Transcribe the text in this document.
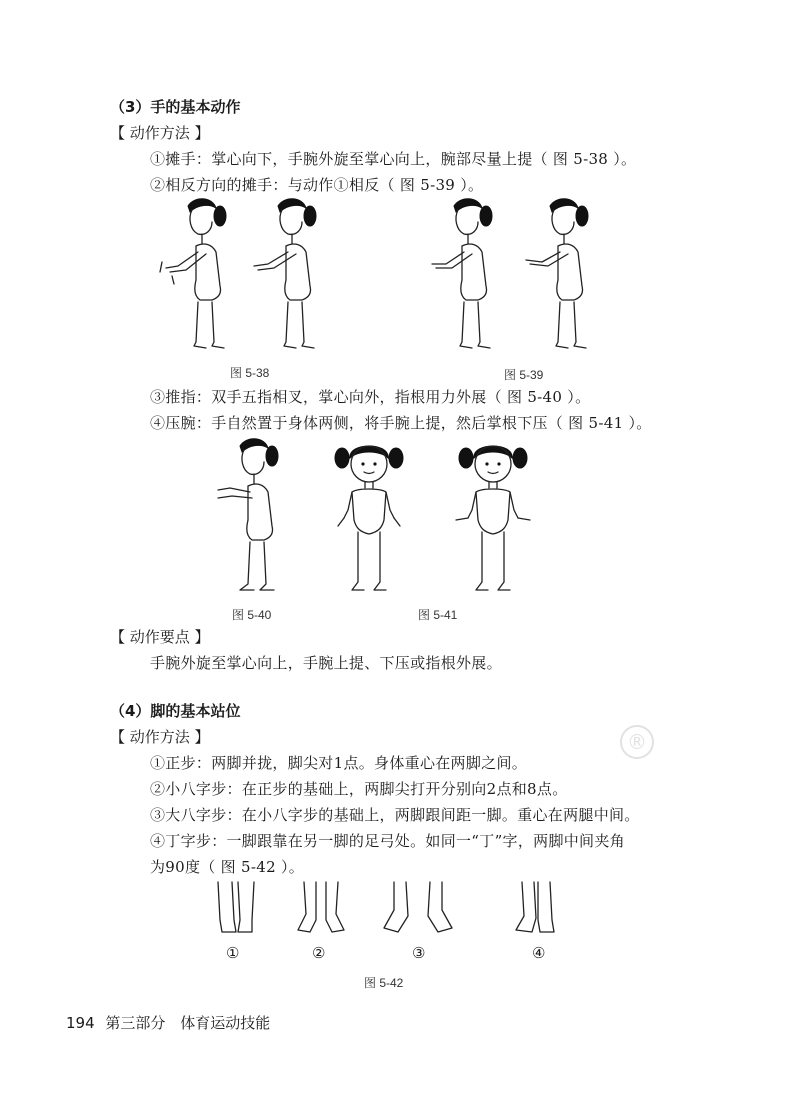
（3）手的基本动作
【 动作方法 】
①摊手：掌心向下，手腕外旋至掌心向上，腕部尽量上提（ 图 5-38 ）。
②相反方向的摊手：与动作①相反（ 图 5-39 ）。
图 5-38	图 5-39
③推指：双手五指相叉，掌心向外，指根用力外展（ 图 5-40 ）。
④压腕：手自然置于身体两侧，将手腕上提，然后掌根下压（ 图 5-41 ）。
图 5-40	图 5-41
【 动作要点 】
手腕外旋至掌心向上，手腕上提、下压或指根外展。
®
（4）脚的基本站位
【 动作方法 】
①正步：两脚并拢，脚尖对1点。身体重心在两脚之间。
②小八字步：在正步的基础上，两脚尖打开分别向2点和8点。
③大八字步：在小八字步的基础上，两脚跟间距一脚。重心在两腿中间。
④丁字步：一脚跟靠在另一脚的足弓处。如同一“丁”字，两脚中间夹角
为90度（ 图 5-42 ）。
①	②	③	④
图 5-42
194 第三部分 体育运动技能
